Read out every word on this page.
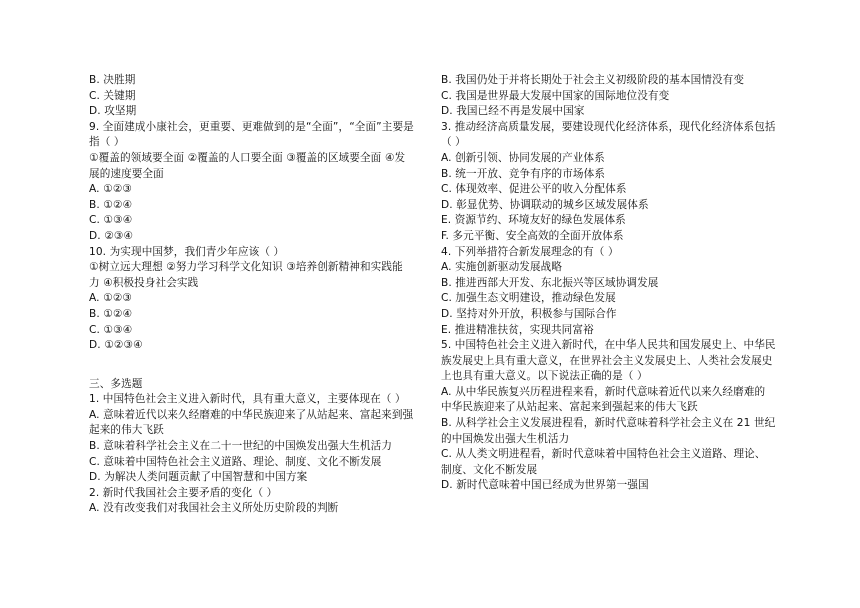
B. 决胜期
C. 关键期
D. 攻坚期
9. 全面建成小康社会，更重要、更难做到的是“全面”，“全面”主要是
指（ ）
①覆盖的领域要全面 ②覆盖的人口要全面 ③覆盖的区域要全面 ④发
展的速度要全面
A. ①②③
B. ①②④
C. ①③④
D. ②③④
10. 为实现中国梦，我们青少年应该（ ）
①树立远大理想 ②努力学习科学文化知识 ③培养创新精神和实践能
力 ④积极投身社会实践
A. ①②③
B. ①②④
C. ①③④
D. ①②③④
三、多选题
1. 中国特色社会主义进入新时代，具有重大意义，主要体现在（ ）
A. 意味着近代以来久经磨难的中华民族迎来了从站起来、富起来到强
起来的伟大飞跃
B. 意味着科学社会主义在二十一世纪的中国焕发出强大生机活力
C. 意味着中国特色社会主义道路、理论、制度、文化不断发展
D. 为解决人类问题贡献了中国智慧和中国方案
2. 新时代我国社会主要矛盾的变化（ ）
A. 没有改变我们对我国社会主义所处历史阶段的判断
B. 我国仍处于并将长期处于社会主义初级阶段的基本国情没有变
C. 我国是世界最大发展中国家的国际地位没有变
D. 我国已经不再是发展中国家
3. 推动经济高质量发展，要建设现代化经济体系，现代化经济体系包括
（ ）
A. 创新引领、协同发展的产业体系
B. 统一开放、竞争有序的市场体系
C. 体现效率、促进公平的收入分配体系
D. 彰显优势、协调联动的城乡区域发展体系
E. 资源节约、环境友好的绿色发展体系
F. 多元平衡、安全高效的全面开放体系
4. 下列举措符合新发展理念的有（ ）
A. 实施创新驱动发展战略
B. 推进西部大开发、东北振兴等区域协调发展
C. 加强生态文明建设，推动绿色发展
D. 坚持对外开放，积极参与国际合作
E. 推进精准扶贫，实现共同富裕
5. 中国特色社会主义进入新时代，在中华人民共和国发展史上、中华民
族发展史上具有重大意义，在世界社会主义发展史上、人类社会发展史
上也具有重大意义。以下说法正确的是（ ）
A. 从中华民族复兴历程进程来看，新时代意味着近代以来久经磨难的
中华民族迎来了从站起来、富起来到强起来的伟大飞跃
B. 从科学社会主义发展进程看，新时代意味着科学社会主义在 21 世纪
的中国焕发出强大生机活力
C. 从人类文明进程看，新时代意味着中国特色社会主义道路、理论、
制度、文化不断发展
D. 新时代意味着中国已经成为世界第一强国
